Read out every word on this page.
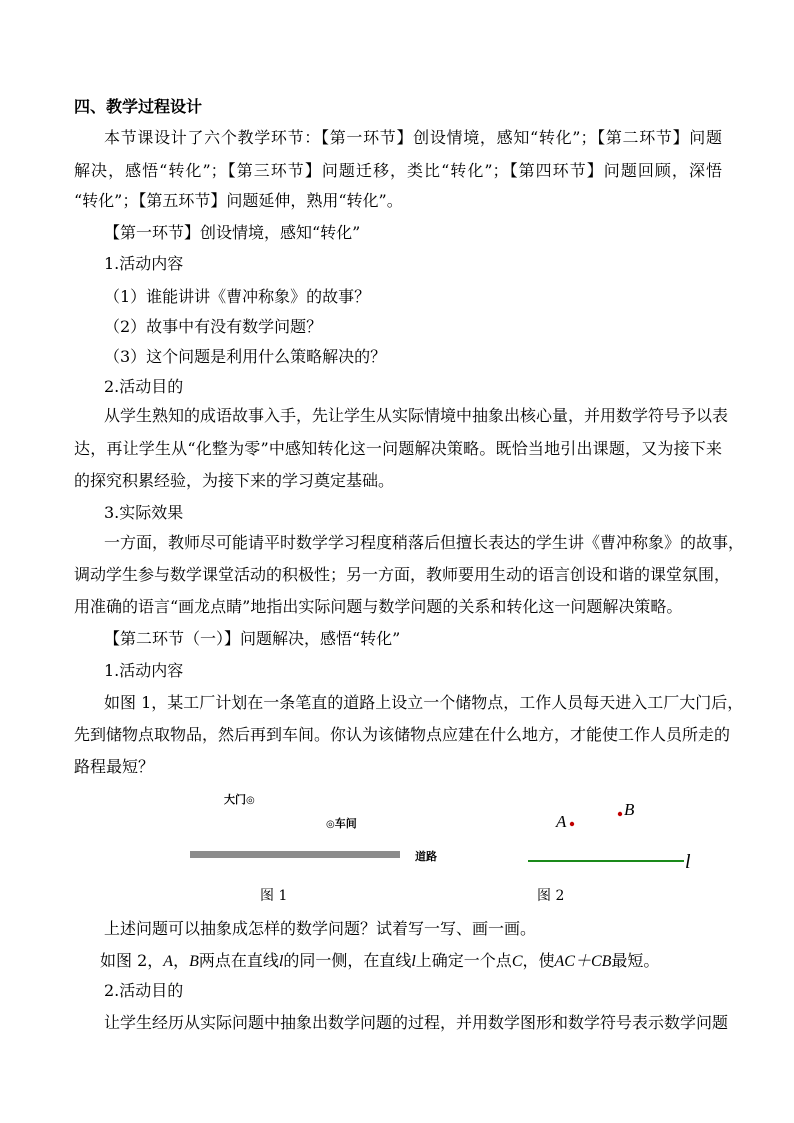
四、教学过程设计
本节课设计了六个教学环节：【第一环节】创设情境，感知“转化”；【第二环节】问题
解决，感悟“转化”；【第三环节】问题迁移，类比“转化”；【第四环节】问题回顾，深悟
“转化”；【第五环节】问题延伸，熟用“转化”。
【第一环节】创设情境，感知“转化”
1.活动内容
（1）谁能讲讲《曹冲称象》的故事？
（2）故事中有没有数学问题？
（3）这个问题是利用什么策略解决的？
2.活动目的
从学生熟知的成语故事入手，先让学生从实际情境中抽象出核心量，并用数学符号予以表
达，再让学生从“化整为零”中感知转化这一问题解决策略。既恰当地引出课题，又为接下来
的探究积累经验，为接下来的学习奠定基础。
3.实际效果
一方面，教师尽可能请平时数学学习程度稍落后但擅长表达的学生讲《曹冲称象》的故事，
调动学生参与数学课堂活动的积极性；另一方面，教师要用生动的语言创设和谐的课堂氛围，
用准确的语言“画龙点睛”地指出实际问题与数学问题的关系和转化这一问题解决策略。
【第二环节（一）】问题解决，感悟“转化”
1.活动内容
如图 1，某工厂计划在一条笔直的道路上设立一个储物点，工作人员每天进入工厂大门后，
先到储物点取物品，然后再到车间。你认为该储物点应建在什么地方，才能使工作人员所走的
路程最短？
大门◎
◎车间
道路
图 1
A
B
l
图 2
上述问题可以抽象成怎样的数学问题？试着写一写、画一画。
如图 2，A，B两点在直线l的同一侧，在直线l上确定一个点C，使AC＋CB最短。
2.活动目的
让学生经历从实际问题中抽象出数学问题的过程，并用数学图形和数学符号表示数学问题
